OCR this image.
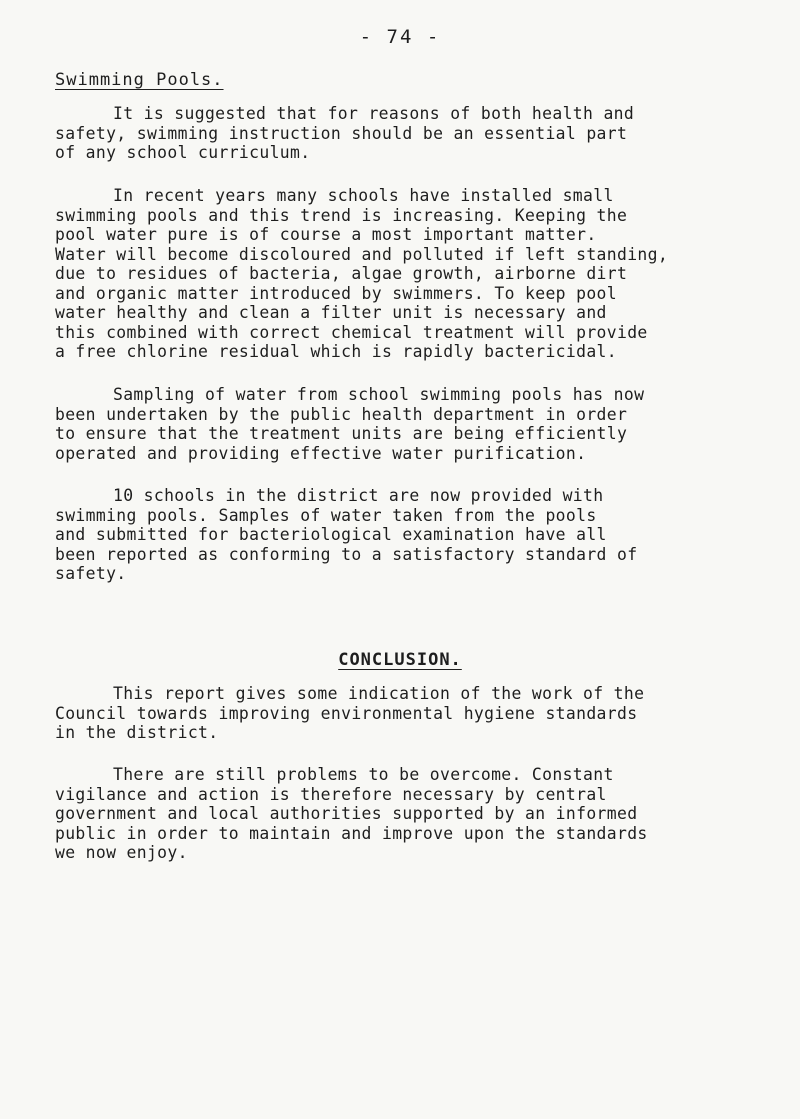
- 74 -
Swimming Pools.
It is suggested that for reasons of both health and
safety, swimming instruction should be an essential part
of any school curriculum.
In recent years many schools have installed small
swimming pools and this trend is increasing. Keeping the
pool water pure is of course a most important matter.
Water will become discoloured and polluted if left standing,
due to residues of bacteria, algae growth, airborne dirt
and organic matter introduced by swimmers. To keep pool
water healthy and clean a filter unit is necessary and
this combined with correct chemical treatment will provide
a free chlorine residual which is rapidly bactericidal.
Sampling of water from school swimming pools has now
been undertaken by the public health department in order
to ensure that the treatment units are being efficiently
operated and providing effective water purification.
10 schools in the district are now provided with
swimming pools. Samples of water taken from the pools
and submitted for bacteriological examination have all
been reported as conforming to a satisfactory standard of
safety.
CONCLUSION.
This report gives some indication of the work of the
Council towards improving environmental hygiene standards
in the district.
There are still problems to be overcome. Constant
vigilance and action is therefore necessary by central
government and local authorities supported by an informed
public in order to maintain and improve upon the standards
we now enjoy.
